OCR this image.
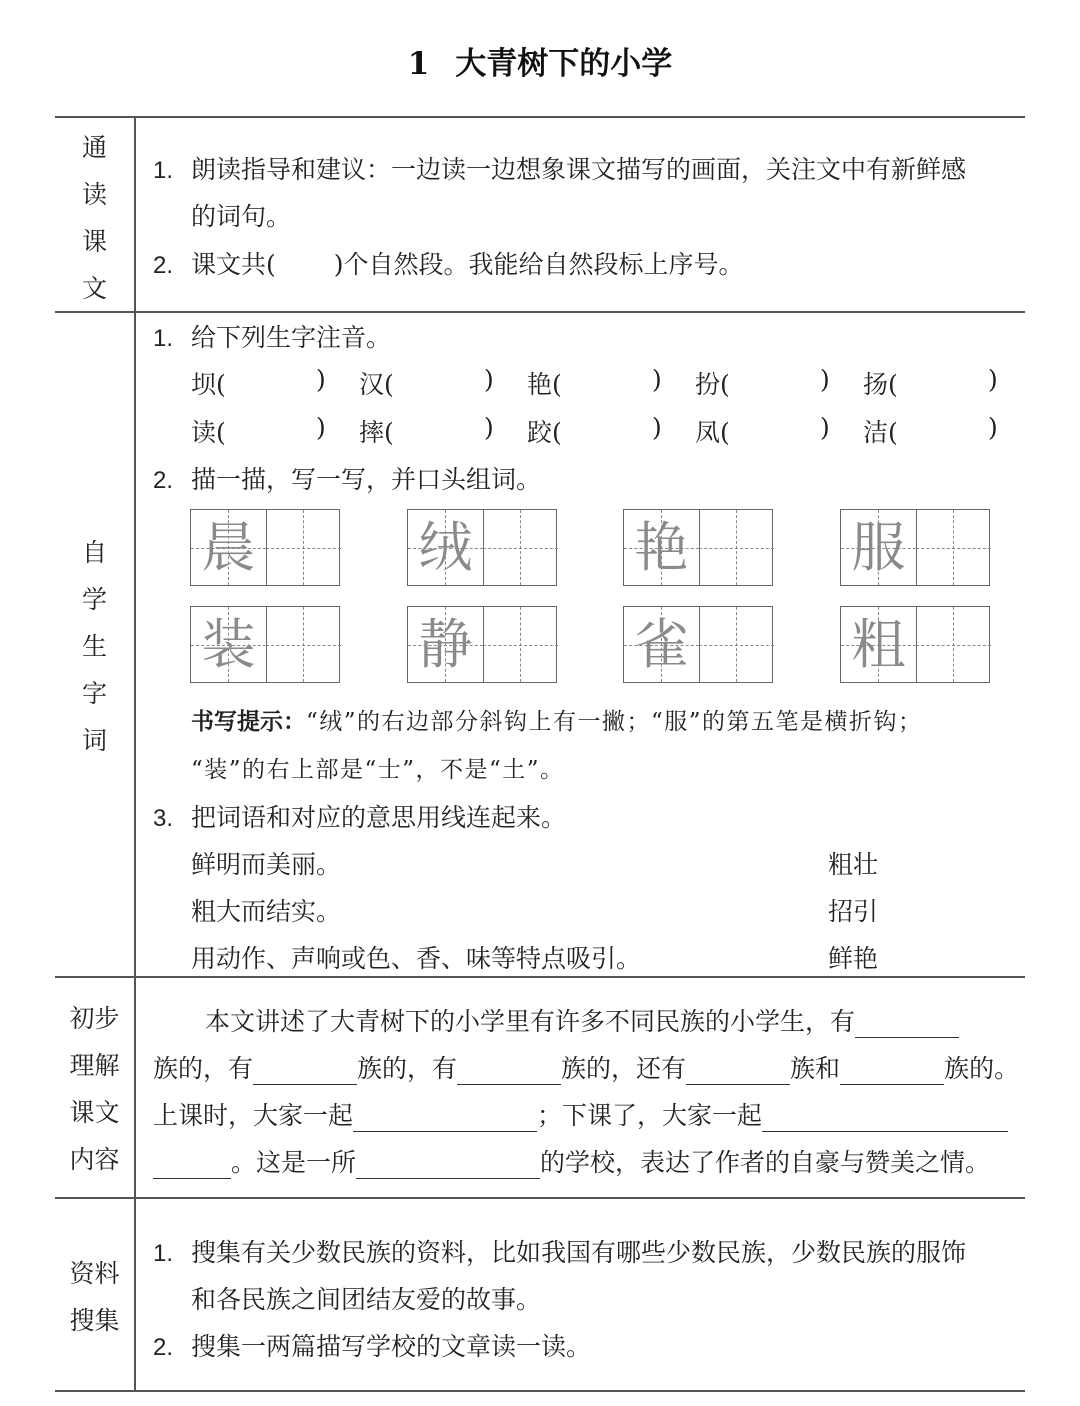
1 大青树下的小学
通
读
课
文
1. 朗读指导和建议：一边读一边想象课文描写的画面，关注文中有新鲜感
的词句。
2. 课文共( )个自然段。我能给自然段标上序号。
自
学
生
字
词
1. 给下列生字注音。
坝(	) 汉(	) 艳(	) 扮(	) 扬(	)
读(	) 摔(	) 跤(	) 凤(	) 洁(	)
2. 描一描，写一写，并口头组词。
晨	绒	艳	服
装	静	雀	粗
书写提示：“绒”的右边部分斜钩上有一撇；“服”的第五笔是横折钩；
“装”的右上部是“士”，不是“土”。
3. 把词语和对应的意思用线连起来。
鲜明而美丽。
粗大而结实。
用动作、声响或色、香、味等特点吸引。
粗壮
招引
鲜艳
初步
理解
课文
内容
本文讲述了大青树下的小学里有许多不同民族的小学生，有
族的，有	族的，有	族的，还有	族和	族的。
上课时，大家一起	；下课了，大家一起
。这是一所	的学校，表达了作者的自豪与赞美之情。
资料
搜集
1. 搜集有关少数民族的资料，比如我国有哪些少数民族，少数民族的服饰
和各民族之间团结友爱的故事。
2. 搜集一两篇描写学校的文章读一读。
